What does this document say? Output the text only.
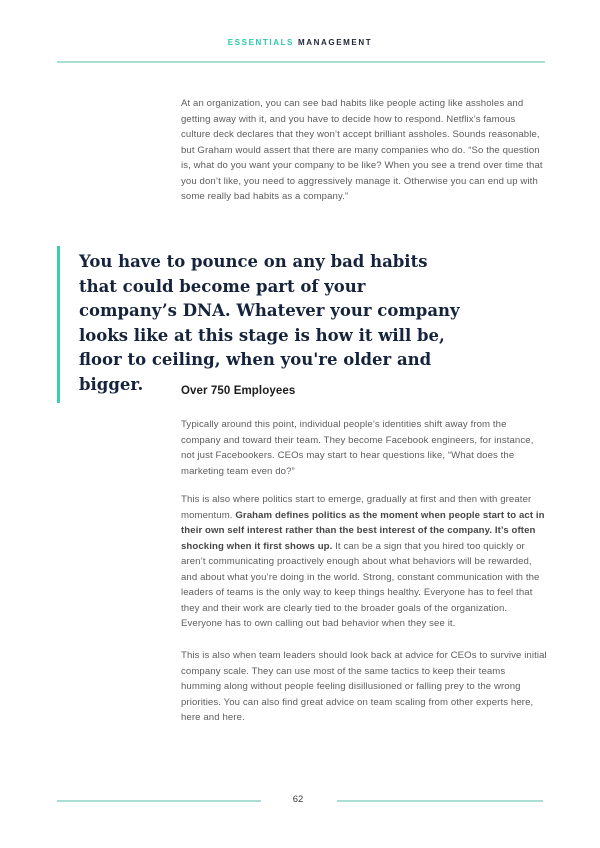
ESSENTIALS MANAGEMENT

At an organization, you can see bad habits like people acting like assholes and getting away with it, and you have to decide how to respond. Netflix’s famous culture deck declares that they won’t accept brilliant assholes. Sounds reasonable, but Graham would assert that there are many companies who do. “So the question is, what do you want your company to be like? When you see a trend over time that you don’t like, you need to aggressively manage it. Otherwise you can end up with some really bad habits as a company.”

You have to pounce on any bad habits that could become part of your company’s DNA. Whatever your company looks like at this stage is how it will be, floor to ceiling, when you're older and bigger.	Over 750 Employees

Typically around this point, individual people’s identities shift away from the company and toward their team. They become Facebook engineers, for instance, not just Facebookers. CEOs may start to hear questions like, “What does the marketing team even do?”

This is also where politics start to emerge, gradually at first and then with greater momentum. Graham defines politics as the moment when people start to act in their own self interest rather than the best interest of the company. It’s often shocking when it first shows up. It can be a sign that you hired too quickly or aren’t communicating proactively enough about what behaviors will be rewarded, and about what you’re doing in the world. Strong, constant communication with the leaders of teams is the only way to keep things healthy. Everyone has to feel that they and their work are clearly tied to the broader goals of the organization. Everyone has to own calling out bad behavior when they see it.

This is also when team leaders should look back at advice for CEOs to survive initial company scale. They can use most of the same tactics to keep their teams humming along without people feeling disillusioned or falling prey to the wrong priorities. You can also find great advice on team scaling from other experts here, here and here.

62
